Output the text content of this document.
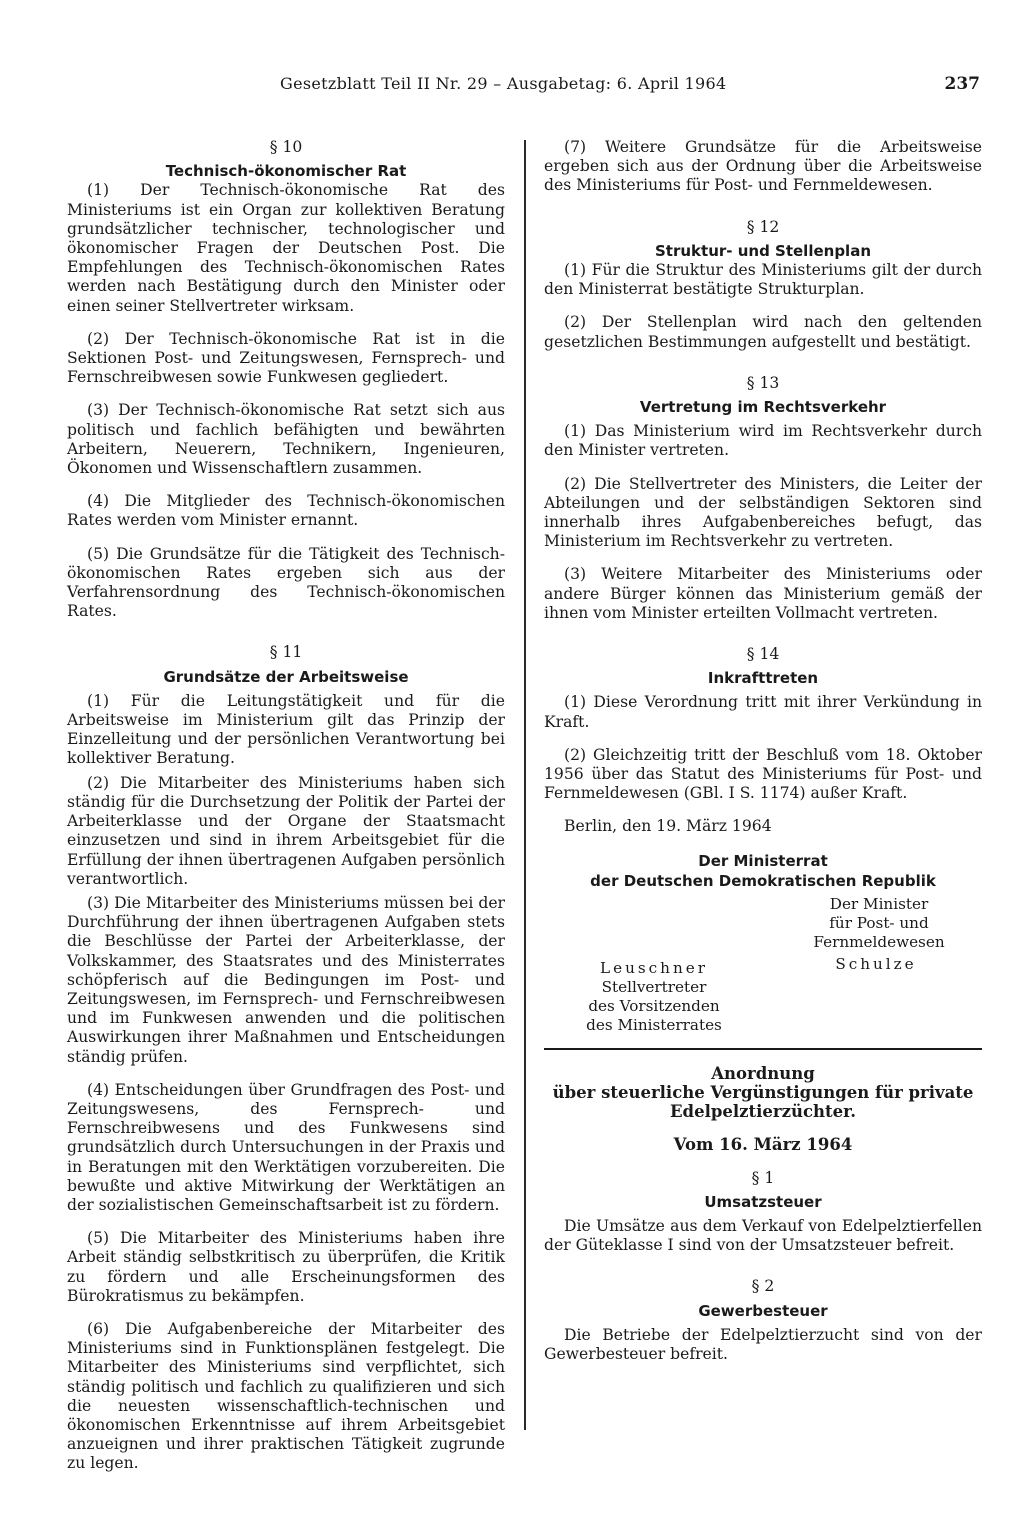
Gesetzblatt Teil II Nr. 29 – Ausgabetag: 6. April 1964	237

§ 10

Technisch-ökonomischer Rat

(1) Der Technisch-ökonomische Rat des Ministeriums ist ein Organ zur kollektiven Beratung grundsätzlicher technischer, technologischer und ökonomischer Fragen der Deutschen Post. Die Empfehlungen des Technisch-ökonomischen Rates werden nach Bestätigung durch den Minister oder einen seiner Stellvertreter wirksam.

(2) Der Technisch-ökonomische Rat ist in die Sektionen Post- und Zeitungswesen, Fernsprech- und Fernschreibwesen sowie Funkwesen gegliedert.

(3) Der Technisch-ökonomische Rat setzt sich aus politisch und fachlich befähigten und bewährten Arbeitern, Neuerern, Technikern, Ingenieuren, Ökonomen und Wissenschaftlern zusammen.

(4) Die Mitglieder des Technisch-ökonomischen Rates werden vom Minister ernannt.

(5) Die Grundsätze für die Tätigkeit des Technisch-ökonomischen Rates ergeben sich aus der Verfahrensordnung des Technisch-ökonomischen Rates.

§ 11

Grundsätze der Arbeitsweise

(1) Für die Leitungstätigkeit und für die Arbeitsweise im Ministerium gilt das Prinzip der Einzelleitung und der persönlichen Verantwortung bei kollektiver Beratung.

(2) Die Mitarbeiter des Ministeriums haben sich ständig für die Durchsetzung der Politik der Partei der Arbeiterklasse und der Organe der Staatsmacht einzusetzen und sind in ihrem Arbeitsgebiet für die Erfüllung der ihnen übertragenen Aufgaben persönlich verantwortlich.

(3) Die Mitarbeiter des Ministeriums müssen bei der Durchführung der ihnen übertragenen Aufgaben stets die Beschlüsse der Partei der Arbeiterklasse, der Volkskammer, des Staatsrates und des Ministerrates schöpferisch auf die Bedingungen im Post- und Zeitungswesen, im Fernsprech- und Fernschreibwesen und im Funkwesen anwenden und die politischen Auswirkungen ihrer Maßnahmen und Entscheidungen ständig prüfen.

(4) Entscheidungen über Grundfragen des Post- und Zeitungswesens, des Fernsprech- und Fernschreibwesens und des Funkwesens sind grundsätzlich durch Untersuchungen in der Praxis und in Beratungen mit den Werktätigen vorzubereiten. Die bewußte und aktive Mitwirkung der Werktätigen an der sozialistischen Gemeinschaftsarbeit ist zu fördern.

(5) Die Mitarbeiter des Ministeriums haben ihre Arbeit ständig selbstkritisch zu überprüfen, die Kritik zu fördern und alle Erscheinungsformen des Bürokratismus zu bekämpfen.

(6) Die Aufgabenbereiche der Mitarbeiter des Ministeriums sind in Funktionsplänen festgelegt. Die Mitarbeiter des Ministeriums sind verpflichtet, sich ständig politisch und fachlich zu qualifizieren und sich die neuesten wissenschaftlich-technischen und ökonomischen Erkenntnisse auf ihrem Arbeitsgebiet anzueignen und ihrer praktischen Tätigkeit zugrunde zu legen.

(7) Weitere Grundsätze für die Arbeitsweise ergeben sich aus der Ordnung über die Arbeitsweise des Ministeriums für Post- und Fernmeldewesen.

§ 12

Struktur- und Stellenplan

(1) Für die Struktur des Ministeriums gilt der durch den Ministerrat bestätigte Strukturplan.

(2) Der Stellenplan wird nach den geltenden gesetzlichen Bestimmungen aufgestellt und bestätigt.

§ 13

Vertretung im Rechtsverkehr

(1) Das Ministerium wird im Rechtsverkehr durch den Minister vertreten.

(2) Die Stellvertreter des Ministers, die Leiter der Abteilungen und der selbständigen Sektoren sind innerhalb ihres Aufgabenbereiches befugt, das Ministerium im Rechtsverkehr zu vertreten.

(3) Weitere Mitarbeiter des Ministeriums oder andere Bürger können das Ministerium gemäß der ihnen vom Minister erteilten Vollmacht vertreten.

§ 14

Inkrafttreten

(1) Diese Verordnung tritt mit ihrer Verkündung in Kraft.

(2) Gleichzeitig tritt der Beschluß vom 18. Oktober 1956 über das Statut des Ministeriums für Post- und Fernmeldewesen (GBl. I S. 1174) außer Kraft.

Berlin, den 19. März 1964

Der Ministerrat
der Deutschen Demokratischen Republik
Der Minister
für Post- und
Fernmeldewesen
Leuschner	Schulze
Stellvertreter
des Vorsitzenden
des Ministerrates

Anordnung

über steuerliche Vergünstigungen für private

Edelpelztierzüchter.

Vom 16. März 1964

§ 1

Umsatzsteuer

Die Umsätze aus dem Verkauf von Edelpelztierfellen der Güteklasse I sind von der Umsatzsteuer befreit.

§ 2

Gewerbesteuer

Die Betriebe der Edelpelztierzucht sind von der Gewerbesteuer befreit.
